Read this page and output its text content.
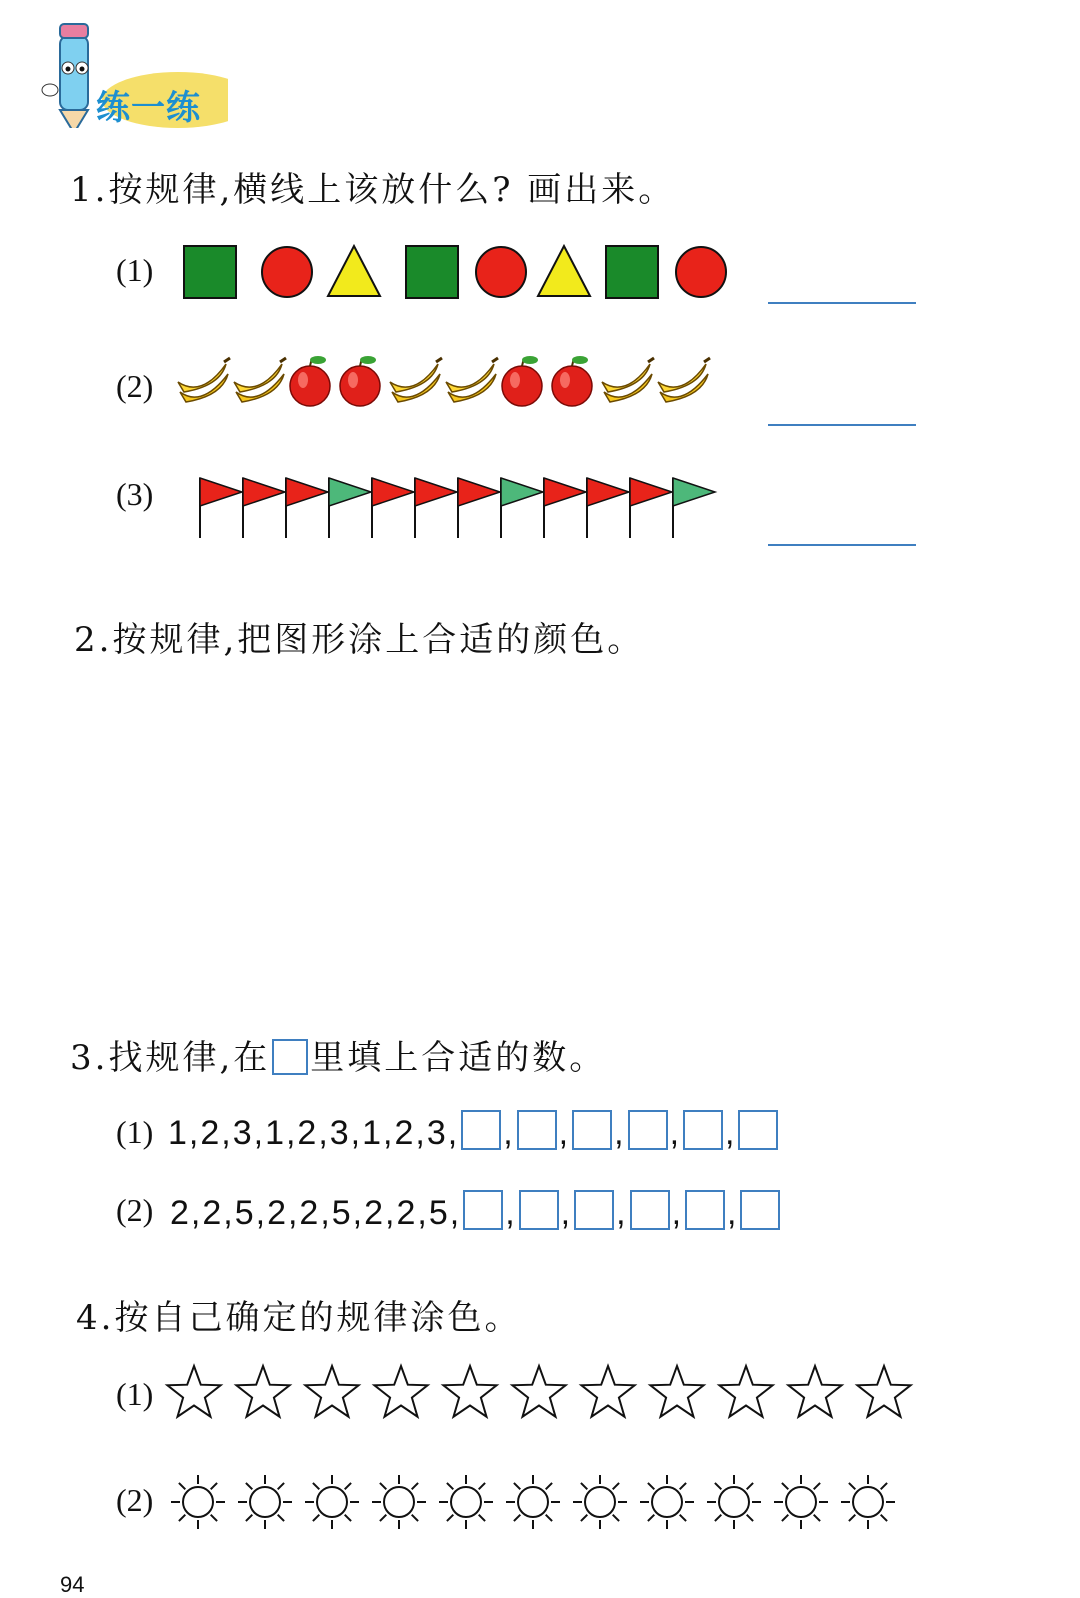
练一练
1.按规律,横线上该放什么? 画出来。
(1)
(2)
(3)
2.按规律,把图形涂上合适的颜色。
3.找规律,在 里填上合适的数。
(1) 1,2,3,1,2,3,1,2,3, , , , , ,
(2) 2,2,5,2,2,5,2,2,5, , , , , ,
4.按自己确定的规律涂色。
(1)
(2)
94
